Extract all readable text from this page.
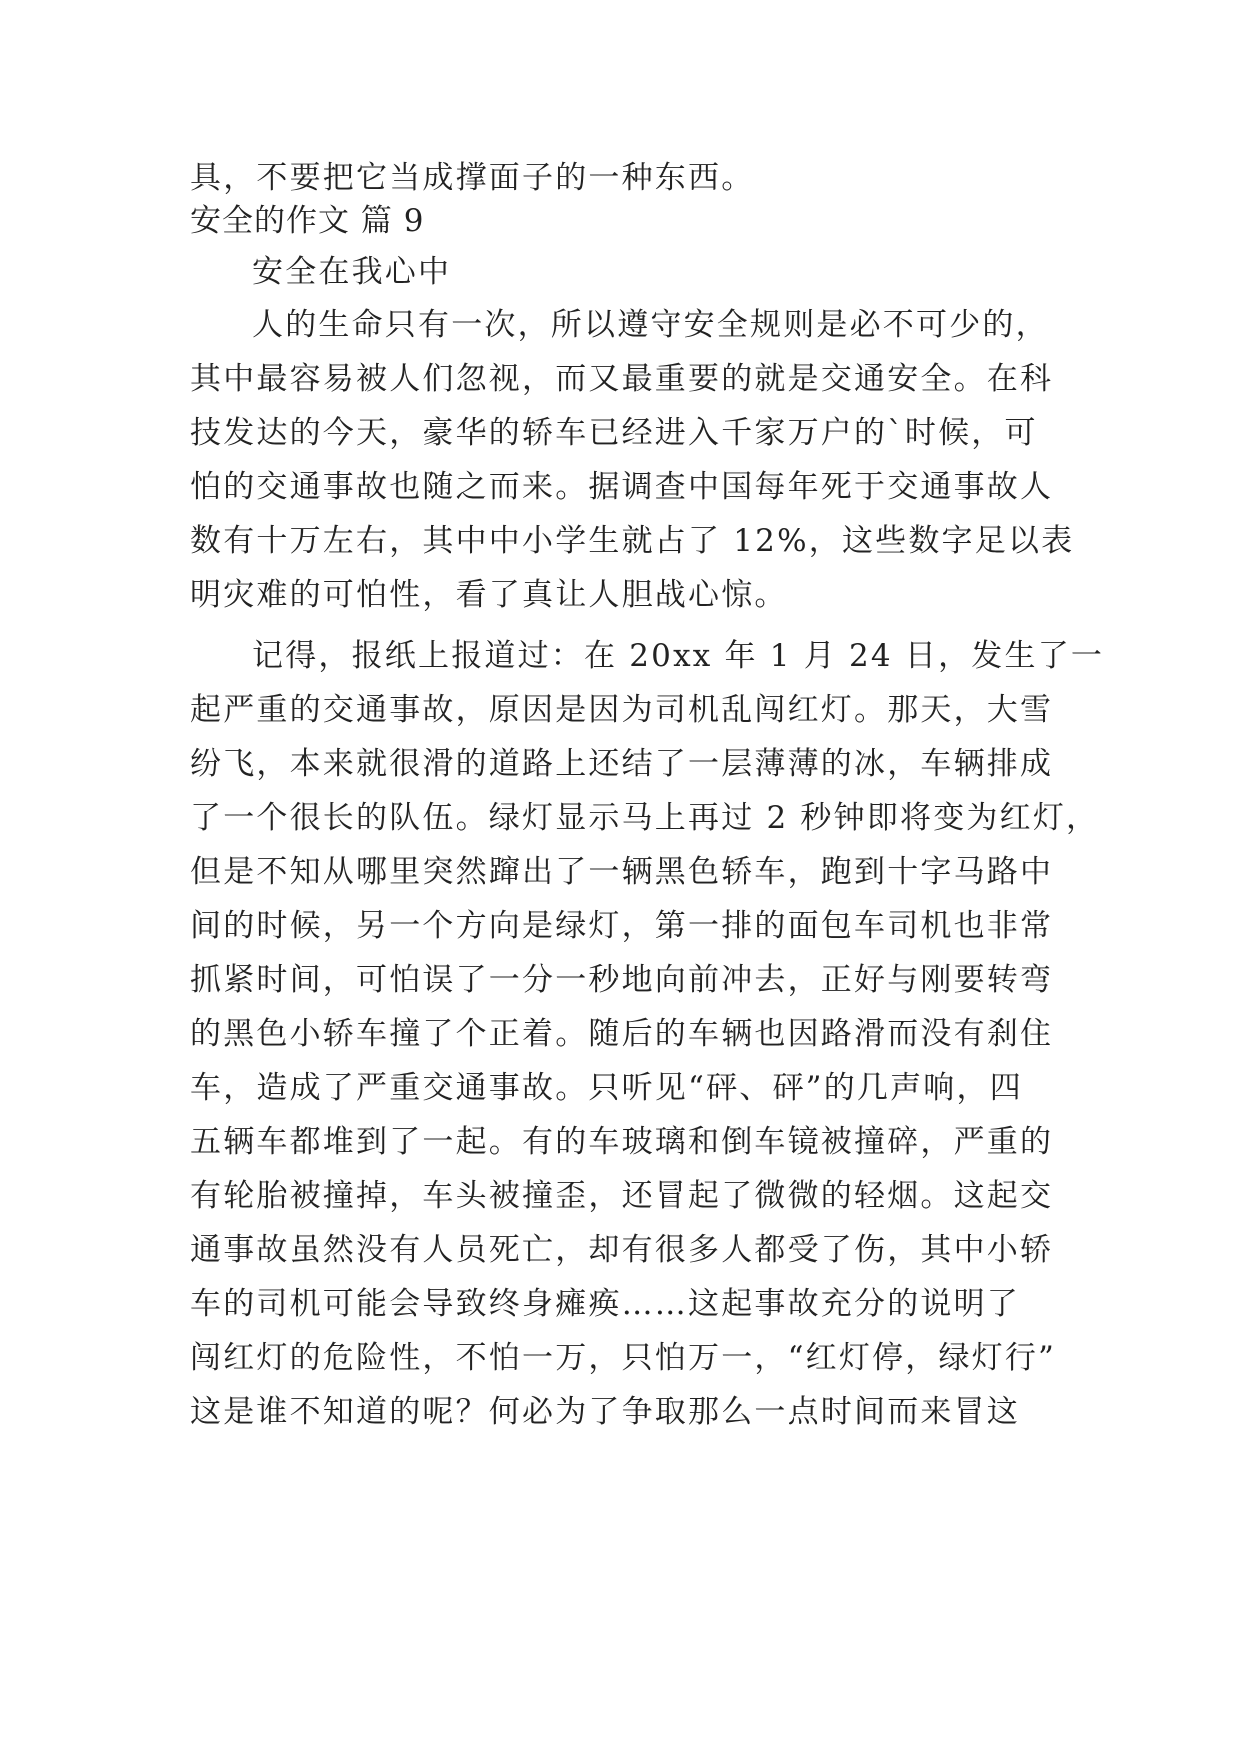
具，不要把它当成撑面子的一种东西。
安全的作文 篇 9
安全在我心中
人的生命只有一次，所以遵守安全规则是必不可少的，
其中最容易被人们忽视，而又最重要的就是交通安全。在科
技发达的今天，豪华的轿车已经进入千家万户的`时候，可
怕的交通事故也随之而来。据调查中国每年死于交通事故人
数有十万左右，其中中小学生就占了 12%，这些数字足以表
明灾难的可怕性，看了真让人胆战心惊。
记得，报纸上报道过：在 20xx 年 1 月 24 日，发生了一
起严重的交通事故，原因是因为司机乱闯红灯。那天，大雪
纷飞，本来就很滑的道路上还结了一层薄薄的冰，车辆排成
了一个很长的队伍。绿灯显示马上再过 2 秒钟即将变为红灯，
但是不知从哪里突然蹿出了一辆黑色轿车，跑到十字马路中
间的时候，另一个方向是绿灯，第一排的面包车司机也非常
抓紧时间，可怕误了一分一秒地向前冲去，正好与刚要转弯
的黑色小轿车撞了个正着。随后的车辆也因路滑而没有刹住
车，造成了严重交通事故。只听见“砰、砰”的几声响，四
五辆车都堆到了一起。有的车玻璃和倒车镜被撞碎，严重的
有轮胎被撞掉，车头被撞歪，还冒起了微微的轻烟。这起交
通事故虽然没有人员死亡，却有很多人都受了伤，其中小轿
车的司机可能会导致终身瘫痪……这起事故充分的说明了
闯红灯的危险性，不怕一万，只怕万一，“红灯停，绿灯行”
这是谁不知道的呢？何必为了争取那么一点时间而来冒这
